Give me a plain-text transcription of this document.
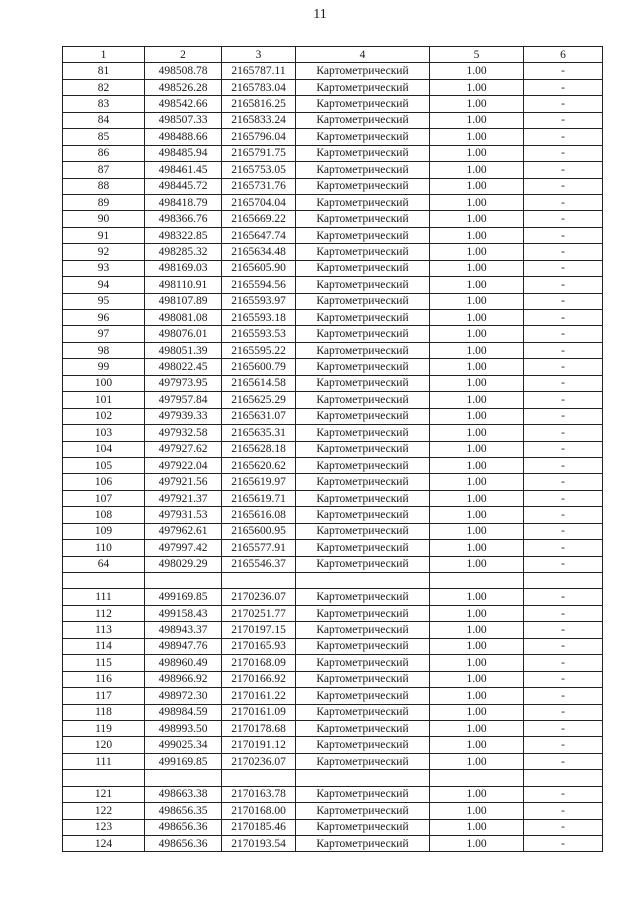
11
1	2	3	4	5	6
81	498508.78	2165787.11	Картометрический	1.00	-
82	498526.28	2165783.04	Картометрический	1.00	-
83	498542.66	2165816.25	Картометрический	1.00	-
84	498507.33	2165833.24	Картометрический	1.00	-
85	498488.66	2165796.04	Картометрический	1.00	-
86	498485.94	2165791.75	Картометрический	1.00	-
87	498461.45	2165753.05	Картометрический	1.00	-
88	498445.72	2165731.76	Картометрический	1.00	-
89	498418.79	2165704.04	Картометрический	1.00	-
90	498366.76	2165669.22	Картометрический	1.00	-
91	498322.85	2165647.74	Картометрический	1.00	-
92	498285.32	2165634.48	Картометрический	1.00	-
93	498169.03	2165605.90	Картометрический	1.00	-
94	498110.91	2165594.56	Картометрический	1.00	-
95	498107.89	2165593.97	Картометрический	1.00	-
96	498081.08	2165593.18	Картометрический	1.00	-
97	498076.01	2165593.53	Картометрический	1.00	-
98	498051.39	2165595.22	Картометрический	1.00	-
99	498022.45	2165600.79	Картометрический	1.00	-
100	497973.95	2165614.58	Картометрический	1.00	-
101	497957.84	2165625.29	Картометрический	1.00	-
102	497939.33	2165631.07	Картометрический	1.00	-
103	497932.58	2165635.31	Картометрический	1.00	-
104	497927.62	2165628.18	Картометрический	1.00	-
105	497922.04	2165620.62	Картометрический	1.00	-
106	497921.56	2165619.97	Картометрический	1.00	-
107	497921.37	2165619.71	Картометрический	1.00	-
108	497931.53	2165616.08	Картометрический	1.00	-
109	497962.61	2165600.95	Картометрический	1.00	-
110	497997.42	2165577.91	Картометрический	1.00	-
64	498029.29	2165546.37	Картометрический	1.00	-

111	499169.85	2170236.07	Картометрический	1.00	-
112	499158.43	2170251.77	Картометрический	1.00	-
113	498943.37	2170197.15	Картометрический	1.00	-
114	498947.76	2170165.93	Картометрический	1.00	-
115	498960.49	2170168.09	Картометрический	1.00	-
116	498966.92	2170166.92	Картометрический	1.00	-
117	498972.30	2170161.22	Картометрический	1.00	-
118	498984.59	2170161.09	Картометрический	1.00	-
119	498993.50	2170178.68	Картометрический	1.00	-
120	499025.34	2170191.12	Картометрический	1.00	-
111	499169.85	2170236.07	Картометрический	1.00	-

121	498663.38	2170163.78	Картометрический	1.00	-
122	498656.35	2170168.00	Картометрический	1.00	-
123	498656.36	2170185.46	Картометрический	1.00	-
124	498656.36	2170193.54	Картометрический	1.00	-
